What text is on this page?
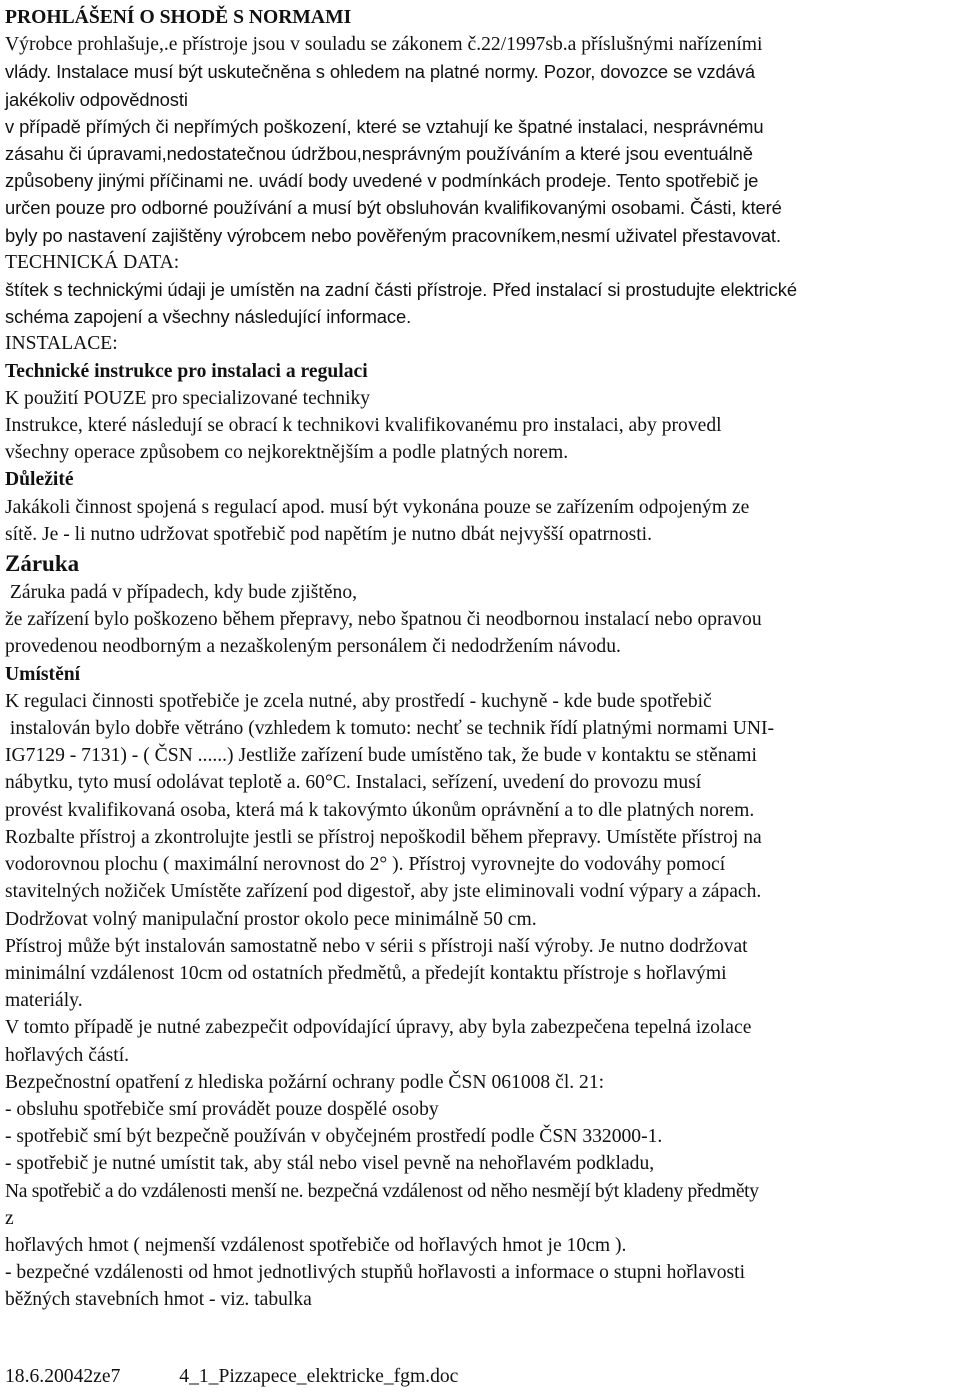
PROHLÁŠENÍ O SHODĚ S NORMAMI
Výrobce prohlašuje,.e přístroje jsou v souladu se zákonem č.22/1997sb.a příslušnými nařízeními
vlády. Instalace musí být uskutečněna s ohledem na platné normy. Pozor, dovozce se vzdává
jakékoliv odpovědnosti
v případě přímých či nepřímých poškození, které se vztahují ke špatné instalaci, nesprávnému
zásahu či úpravami,nedostatečnou údržbou,nesprávným používáním a které jsou eventuálně
způsobeny jinými příčinami ne. uvádí body uvedené v podmínkách prodeje. Tento spotřebič je
určen pouze pro odborné používání a musí být obsluhován kvalifikovanými osobami. Části, které
byly po nastavení zajištěny výrobcem nebo pověřeným pracovníkem,nesmí uživatel přestavovat.
TECHNICKÁ DATA:
štítek s technickými údaji je umístěn na zadní části přístroje. Před instalací si prostudujte elektrické
schéma zapojení a všechny následující informace.
INSTALACE:
Technické instrukce pro instalaci a regulaci
K použití POUZE pro specializované techniky
Instrukce, které následují se obrací k technikovi kvalifikovanému pro instalaci, aby provedl
všechny operace způsobem co nejkorektnějším a podle platných norem.
Důležité
Jakákoli činnost spojená s regulací apod. musí být vykonána pouze se zařízením odpojeným ze
sítě. Je - li nutno udržovat spotřebič pod napětím je nutno dbát nejvyšší opatrnosti.
Záruka
Záruka padá v případech, kdy bude zjištěno,
že zařízení bylo poškozeno během přepravy, nebo špatnou či neodbornou instalací nebo opravou
provedenou neodborným a nezaškoleným personálem či nedodržením návodu.
Umístění
K regulaci činnosti spotřebiče je zcela nutné, aby prostředí - kuchyně - kde bude spotřebič
instalován bylo dobře větráno (vzhledem k tomuto: nechť se technik řídí platnými normami UNI-
IG7129 - 7131) - ( ČSN ......) Jestliže zařízení bude umístěno tak, že bude v kontaktu se stěnami
nábytku, tyto musí odolávat teplotě a. 60°C. Instalaci, seřízení, uvedení do provozu musí
provést kvalifikovaná osoba, která má k takovýmto úkonům oprávnění a to dle platných norem.
Rozbalte přístroj a zkontrolujte jestli se přístroj nepoškodil během přepravy. Umístěte přístroj na
vodorovnou plochu ( maximální nerovnost do 2° ). Přístroj vyrovnejte do vodováhy pomocí
stavitelných nožiček Umístěte zařízení pod digestoř, aby jste eliminovali vodní výpary a zápach.
Dodržovat volný manipulační prostor okolo pece minimálně 50 cm.
Přístroj může být instalován samostatně nebo v sérii s přístroji naší výroby. Je nutno dodržovat
minimální vzdálenost 10cm od ostatních předmětů, a předejít kontaktu přístroje s hořlavými
materiály.
V tomto případě je nutné zabezpečit odpovídající úpravy, aby byla zabezpečena tepelná izolace
hořlavých částí.
Bezpečnostní opatření z hlediska požární ochrany podle ČSN 061008 čl. 21:
- obsluhu spotřebiče smí provádět pouze dospělé osoby
- spotřebič smí být bezpečně používán v obyčejném prostředí podle ČSN 332000-1.
- spotřebič je nutné umístit tak, aby stál nebo visel pevně na nehořlavém podkladu,
Na spotřebič a do vzdálenosti menší ne. bezpečná vzdálenost od něho nesmějí být kladeny předměty
z
hořlavých hmot ( nejmenší vzdálenost spotřebiče od hořlavých hmot je 10cm ).
- bezpečné vzdálenosti od hmot jednotlivých stupňů hořlavosti a informace o stupni hořlavosti
běžných stavebních hmot - viz. tabulka
18.6.20042ze7	4_1_Pizzapece_elektricke_fgm.doc
